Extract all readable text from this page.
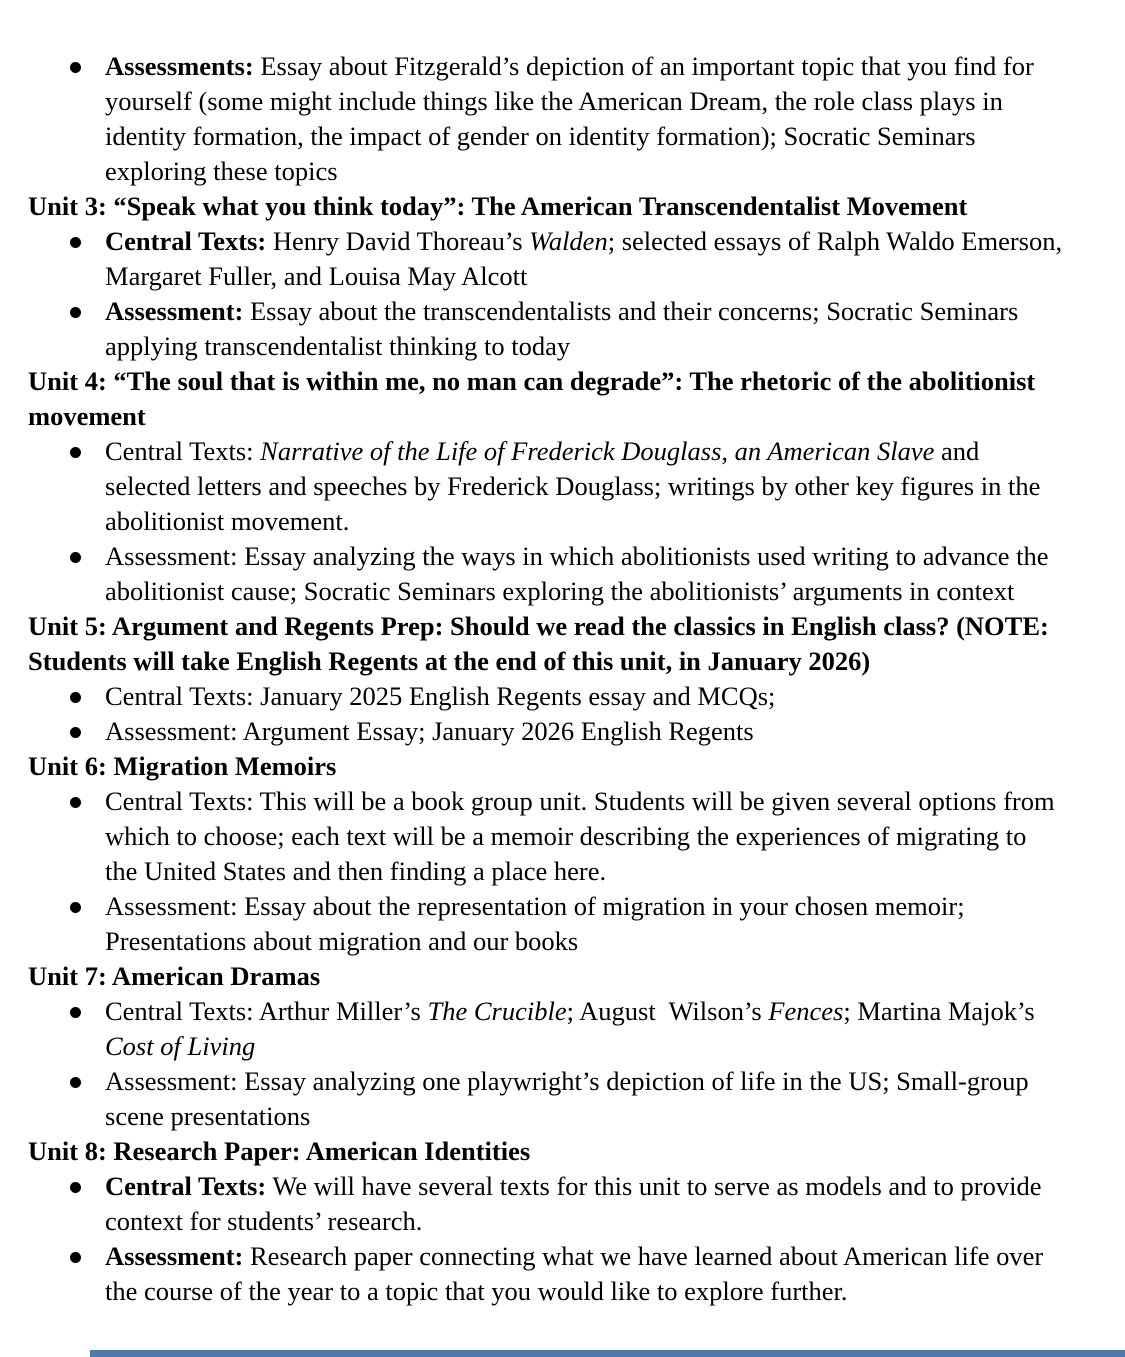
Assessments: Essay about Fitzgerald’s depiction of an important topic that you find for yourself (some might include things like the American Dream, the role class plays in identity formation, the impact of gender on identity formation); Socratic Seminars exploring these topics
Unit 3: “Speak what you think today”: The American Transcendentalist Movement
Central Texts: Henry David Thoreau’s Walden; selected essays of Ralph Waldo Emerson, Margaret Fuller, and Louisa May Alcott
Assessment: Essay about the transcendentalists and their concerns; Socratic Seminars applying transcendentalist thinking to today
Unit 4: “The soul that is within me, no man can degrade”: The rhetoric of the abolitionist movement
Central Texts: Narrative of the Life of Frederick Douglass, an American Slave and selected letters and speeches by Frederick Douglass; writings by other key figures in the abolitionist movement.
Assessment: Essay analyzing the ways in which abolitionists used writing to advance the abolitionist cause; Socratic Seminars exploring the abolitionists’ arguments in context
Unit 5: Argument and Regents Prep: Should we read the classics in English class? (NOTE: Students will take English Regents at the end of this unit, in January 2026)
Central Texts: January 2025 English Regents essay and MCQs;
Assessment: Argument Essay; January 2026 English Regents
Unit 6: Migration Memoirs
Central Texts: This will be a book group unit. Students will be given several options from which to choose; each text will be a memoir describing the experiences of migrating to the United States and then finding a place here.
Assessment: Essay about the representation of migration in your chosen memoir; Presentations about migration and our books
Unit 7: American Dramas
Central Texts: Arthur Miller’s The Crucible; August  Wilson’s Fences; Martina Majok’s Cost of Living
Assessment: Essay analyzing one playwright’s depiction of life in the US; Small-group scene presentations
Unit 8: Research Paper: American Identities
Central Texts: We will have several texts for this unit to serve as models and to provide context for students’ research.
Assessment: Research paper connecting what we have learned about American life over the course of the year to a topic that you would like to explore further.
